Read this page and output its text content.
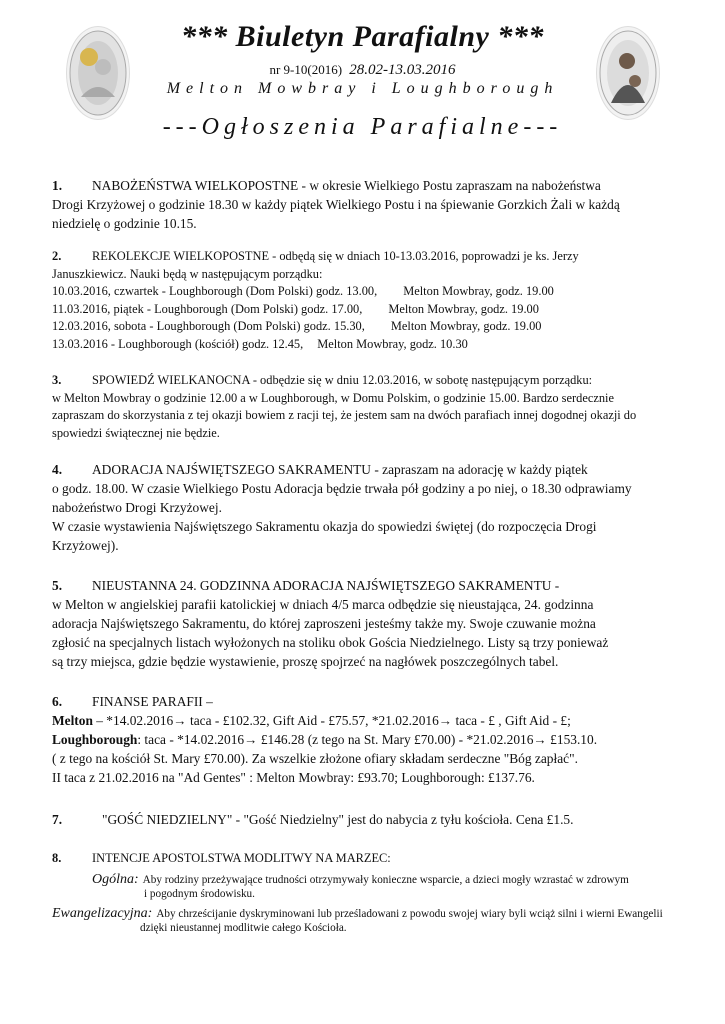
*** Biuletyn Parafialny ***
nr 9-10(2016) 28.02-13.03.2016
Melton Mowbray i Loughborough
---Ogłoszenia Parafialne---
1. NABOŻEŃSTWA WIELKOPOSTNE - w okresie Wielkiego Postu zapraszam na nabożeństwa
Drogi Krzyżowej o godzinie 18.30 w każdy piątek Wielkiego Postu i na śpiewanie Gorzkich Żali w każdą
niedzielę o godzinie 10.15.
2. REKOLEKCJE WIELKOPOSTNE - odbędą się w dniach 10-13.03.2016, poprowadzi je ks. Jerzy
Januszkiewicz. Nauki będą w następującym porządku:
10.03.2016, czwartek - Loughborough (Dom Polski) godz. 13.00, Melton Mowbray, godz. 19.00
11.03.2016, piątek - Loughborough (Dom Polski) godz. 17.00, Melton Mowbray, godz. 19.00
12.03.2016, sobota - Loughborough (Dom Polski) godz. 15.30, Melton Mowbray, godz. 19.00
13.03.2016 - Loughborough (kościół) godz. 12.45, Melton Mowbray, godz. 10.30
3. SPOWIEDŹ WIELKANOCNA - odbędzie się w dniu 12.03.2016, w sobotę następującym porządku:
w Melton Mowbray o godzinie 12.00 a w Loughborough, w Domu Polskim, o godzinie 15.00. Bardzo serdecznie
zapraszam do skorzystania z tej okazji bowiem z racji tej, że jestem sam na dwóch parafiach innej dogodnej okazji do
spowiedzi świątecznej nie będzie.
4. ADORACJA NAJŚWIĘTSZEGO SAKRAMENTU - zapraszam na adorację w każdy piątek
o godz. 18.00. W czasie Wielkiego Postu Adoracja będzie trwała pół godziny a po niej, o 18.30 odprawiamy
nabożeństwo Drogi Krzyżowej.
W czasie wystawienia Najświętszego Sakramentu okazja do spowiedzi świętej (do rozpoczęcia Drogi
Krzyżowej).
5. NIEUSTANNA 24. GODZINNA ADORACJA NAJŚWIĘTSZEGO SAKRAMENTU -
w Melton w angielskiej parafii katolickiej w dniach 4/5 marca odbędzie się nieustająca, 24. godzinna
adoracja Najświętszego Sakramentu, do której zaproszeni jesteśmy także my. Swoje czuwanie można
zgłosić na specjalnych listach wyłożonych na stoliku obok Gościa Niedzielnego. Listy są trzy ponieważ
są trzy miejsca, gdzie będzie wystawienie, proszę spojrzeć na nagłówek poszczególnych tabel.
6. FINANSE PARAFII –
Melton – *14.02.2016→ taca - £102.32, Gift Aid - £75.57, *21.02.2016→ taca - £ , Gift Aid - £;
Loughborough: taca - *14.02.2016→ £146.28 (z tego na St. Mary £70.00) - *21.02.2016→ £153.10.
( z tego na kościół St. Mary £70.00). Za wszelkie złożone ofiary składam serdeczne "Bóg zapłać".
II taca z 21.02.2016 na "Ad Gentes" : Melton Mowbray: £93.70; Loughborough: £137.76.
7.	"GOŚĆ NIEDZIELNY" - "Gość Niedzielny" jest do nabycia z tyłu kościoła. Cena £1.5.
8. INTENCJE APOSTOLSTWA MODLITWY NA MARZEC:
Ogólna: Aby rodziny przeżywające trudności otrzymywały konieczne wsparcie, a dzieci mogły wzrastać w zdrowym
i pogodnym środowisku.
Ewangelizacyjna: Aby chrześcijanie dyskryminowani lub prześladowani z powodu swojej wiary byli wciąż silni i wierni Ewangelii
dzięki nieustannej modlitwie całego Kościoła.
